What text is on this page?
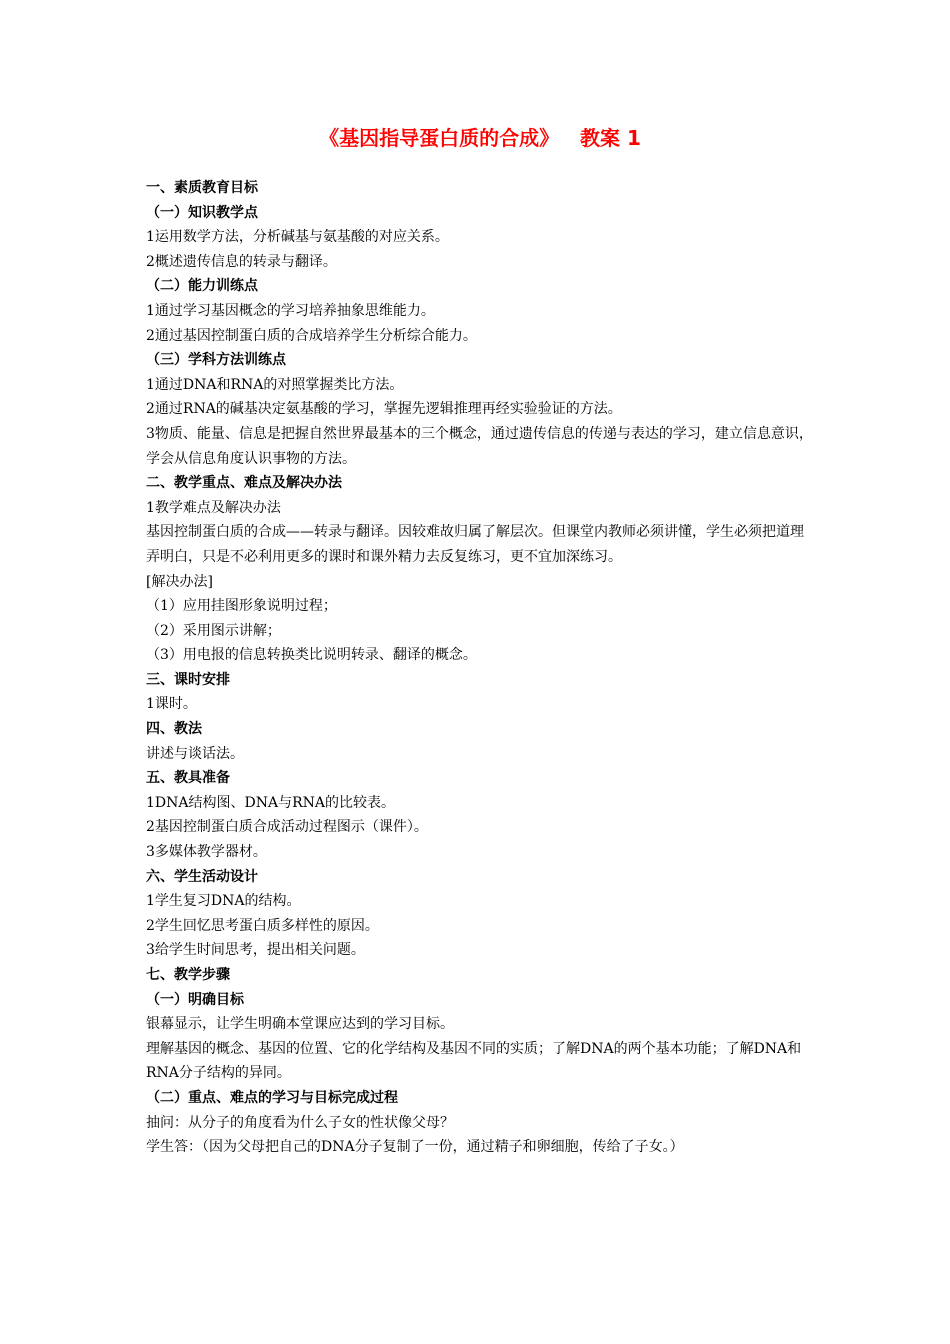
《基因指导蛋白质的合成》   教案 1

一、素质教育目标

（一）知识教学点

1运用数学方法，分析碱基与氨基酸的对应关系。

2概述遗传信息的转录与翻译。

（二）能力训练点

1通过学习基因概念的学习培养抽象思维能力。

2通过基因控制蛋白质的合成培养学生分析综合能力。

（三）学科方法训练点

1通过DNA和RNA的对照掌握类比方法。

2通过RNA的碱基决定氨基酸的学习，掌握先逻辑推理再经实验验证的方法。

3物质、能量、信息是把握自然世界最基本的三个概念，通过遗传信息的传递与表达的学习，建立信息意识，学会从信息角度认识事物的方法。

二、教学重点、难点及解决办法

1教学难点及解决办法

基因控制蛋白质的合成——转录与翻译。因较难故归属了解层次。但课堂内教师必须讲懂，学生必须把道理弄明白，只是不必利用更多的课时和课外精力去反复练习，更不宜加深练习。

[解决办法]

（1）应用挂图形象说明过程；

（2）采用图示讲解；

（3）用电报的信息转换类比说明转录、翻译的概念。

三、课时安排

1课时。

四、教法

讲述与谈话法。

五、教具准备

1DNA结构图、DNA与RNA的比较表。

2基因控制蛋白质合成活动过程图示（课件）。

3多媒体教学器材。

六、学生活动设计

1学生复习DNA的结构。

2学生回忆思考蛋白质多样性的原因。

3给学生时间思考，提出相关问题。

七、教学步骤

（一）明确目标

银幕显示，让学生明确本堂课应达到的学习目标。

理解基因的概念、基因的位置、它的化学结构及基因不同的实质；了解DNA的两个基本功能；了解DNA和RNA分子结构的异同。

（二）重点、难点的学习与目标完成过程

抽问：从分子的角度看为什么子女的性状像父母？

学生答：（因为父母把自己的DNA分子复制了一份，通过精子和卵细胞，传给了子女。）
